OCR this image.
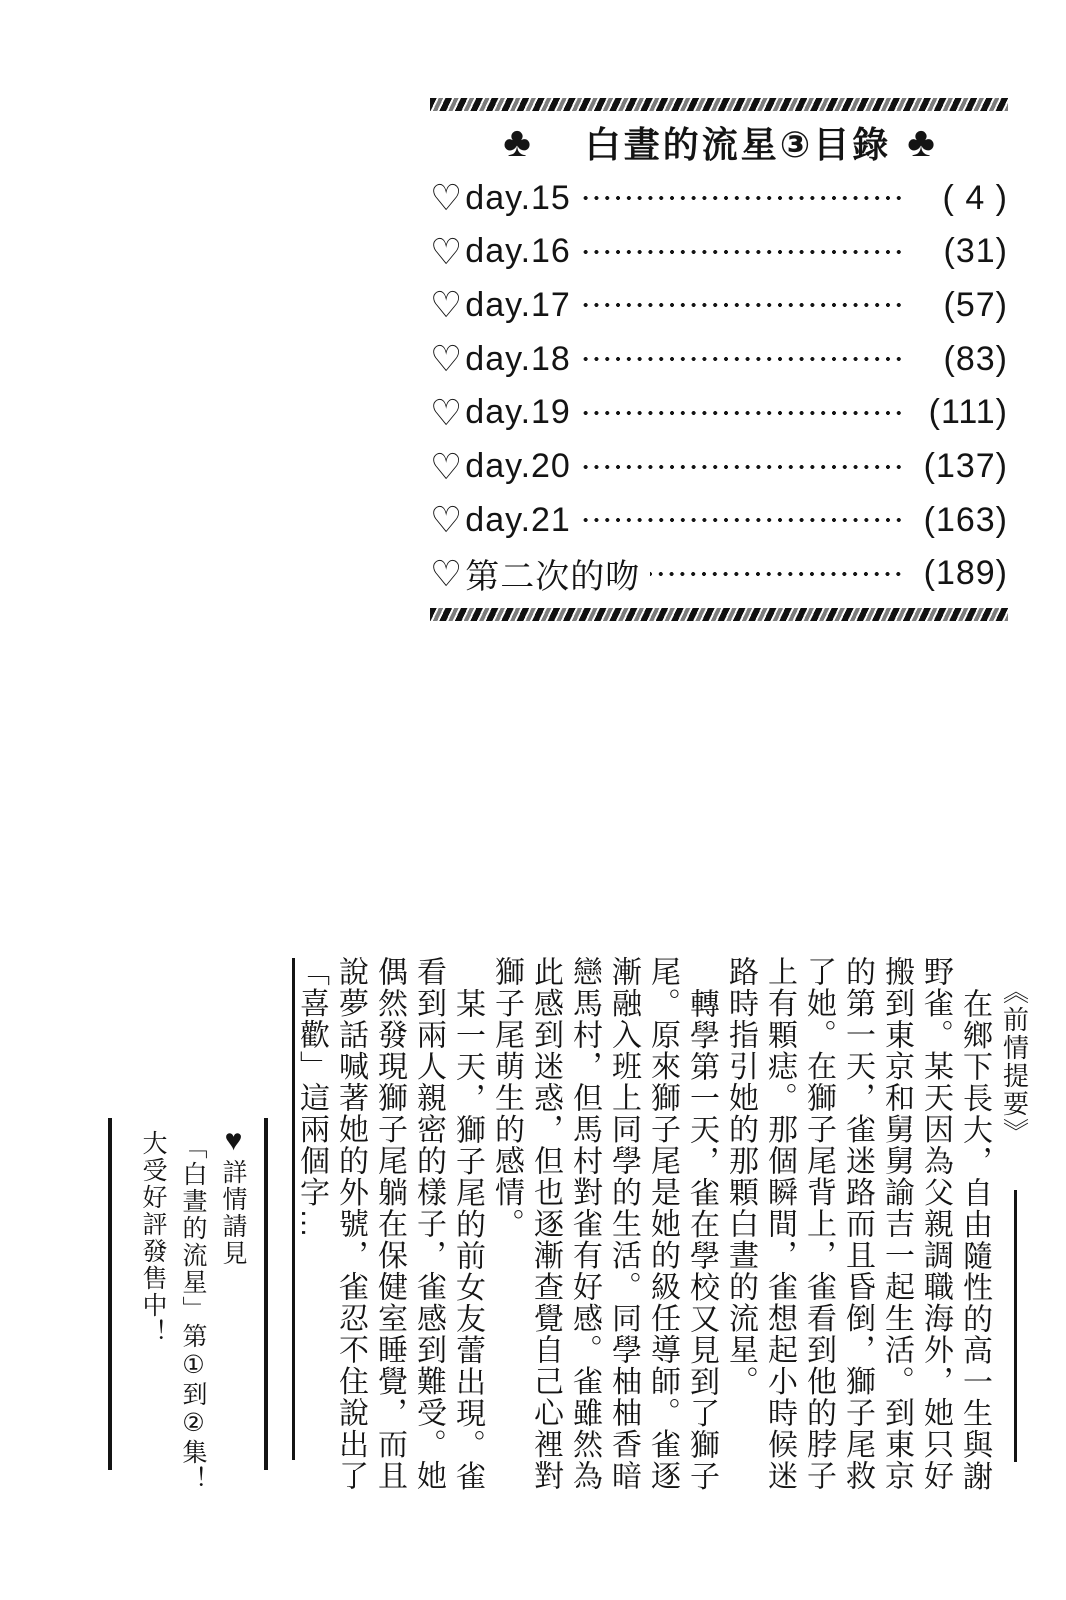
♣ 白晝的流星③目錄 ♣
♡ day.15	( 4 )
♡ day.16	(31)
♡ day.17	(57)
♡ day.18	(83)
♡ day.19	(111)
♡ day.20	(137)
♡ day.21	(163)
♡ 第二次的吻	(189)
《前情提要》

在鄉下長大，自由隨性的高一生與謝野雀。某天因為父親調職海外，她只好搬到東京和舅舅諭吉一起生活。到東京的第一天，雀迷路而且昏倒，獅子尾救了她。在獅子尾背上，雀看到他的脖子上有顆痣。那個瞬間，雀想起小時候迷路時指引她的那顆白晝的流星。

轉學第一天，雀在學校又見到了獅子尾。原來獅子尾是她的級任導師。雀逐漸融入班上同學的生活。同學柚柚香暗戀馬村，但馬村對雀有好感。雀雖然為此感到迷惑，但也逐漸查覺自己心裡對獅子尾萌生的感情。

某一天，獅子尾的前女友蕾出現。雀看到兩人親密的樣子，雀感到難受。她偶然發現獅子尾躺在保健室睡覺，而且說夢話喊著她的外號，雀忍不住說出了「喜歡」這兩個字…

♥詳情請見

「白晝的流星」第①到②集！

大受好評發售中！
